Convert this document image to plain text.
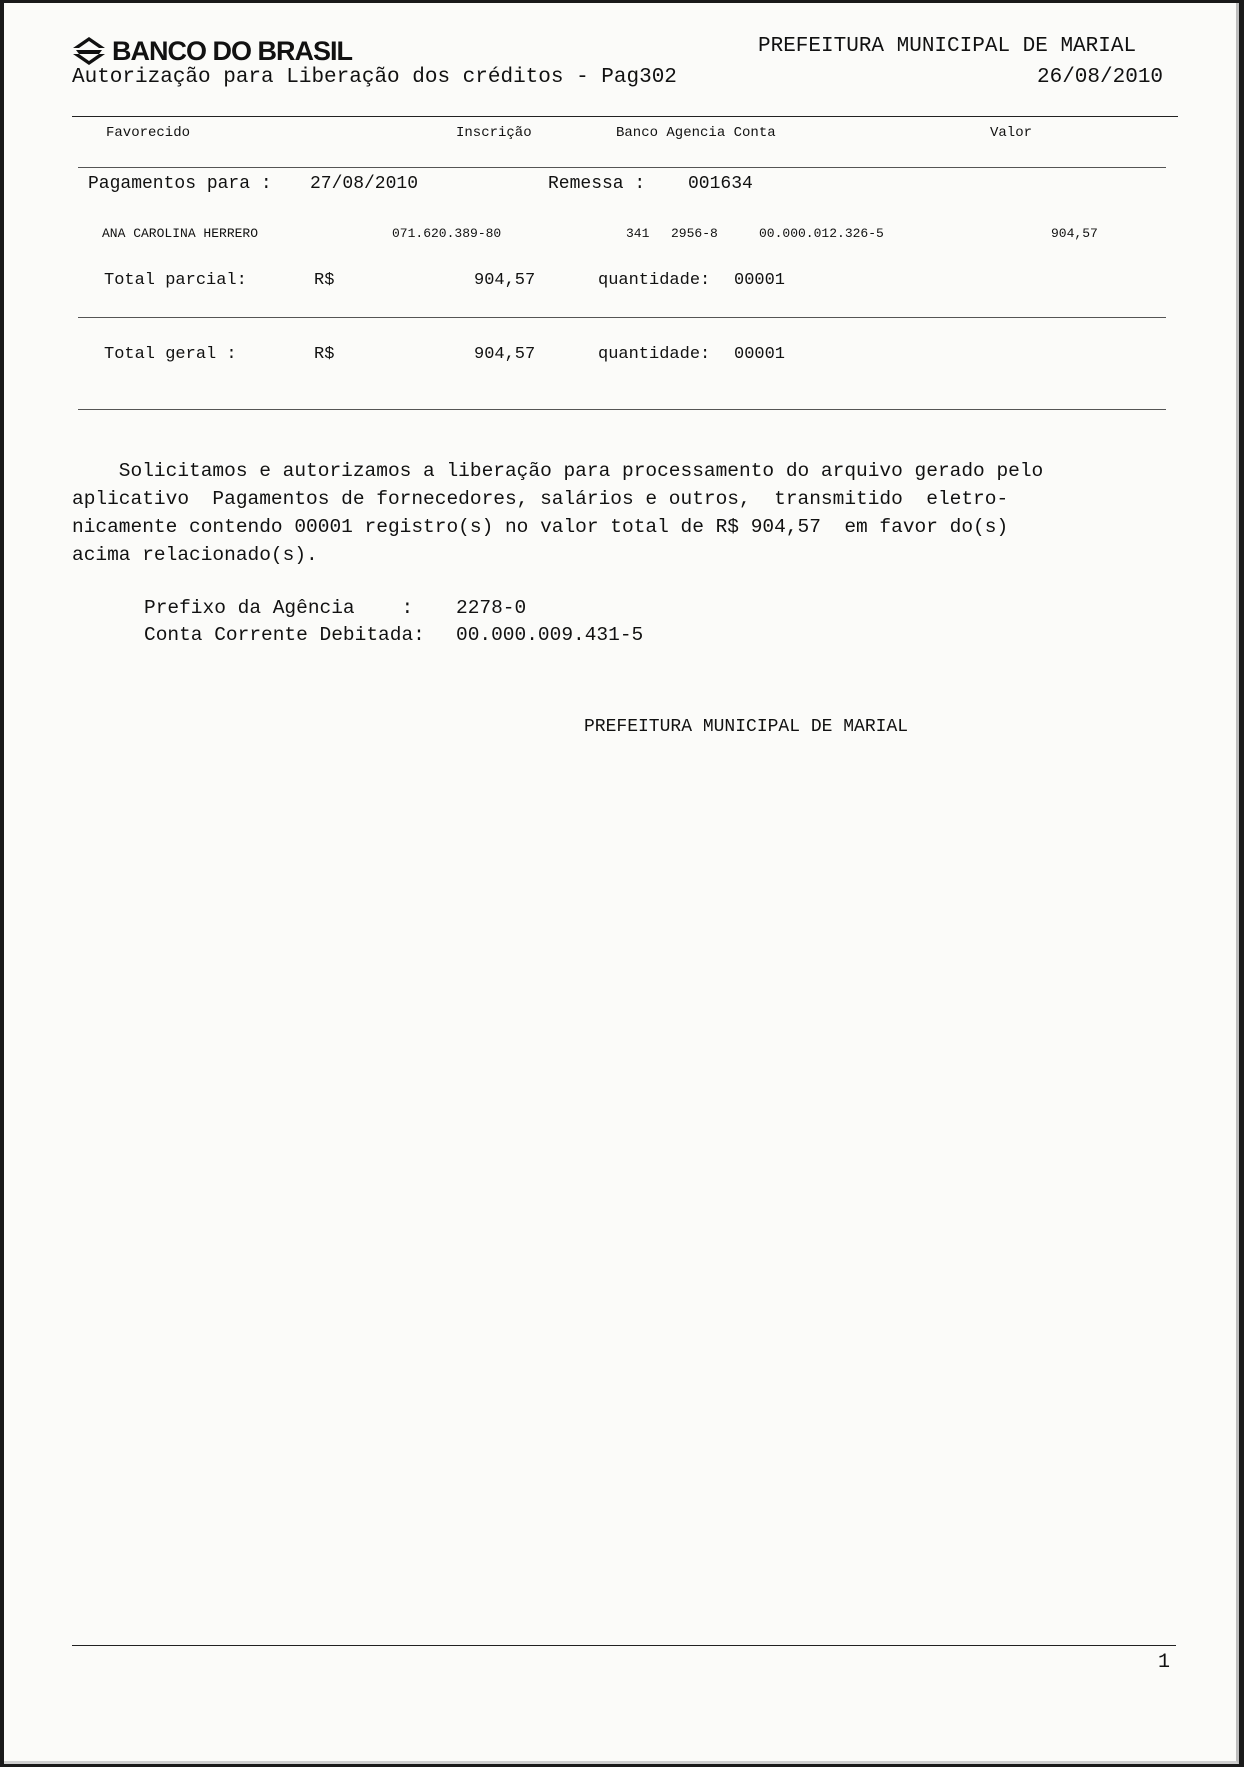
BANCO DO BRASIL	PREFEITURA MUNICIPAL DE MARIAL
Autorização para Liberação dos créditos - Pag302	26/08/2010
Favorecido	Inscrição	Banco Agencia Conta	Valor
Pagamentos para : 27/08/2010	Remessa : 001634
ANA CAROLINA HERRERO	071.620.389-80	341 2956-8	00.000.012.326-5	904,57
Total parcial:	R$	904,57	quantidade: 00001
Total geral :	R$	904,57	quantidade: 00001
Solicitamos e autorizamos a liberação para processamento do arquivo gerado pelo
aplicativo  Pagamentos de fornecedores, salários e outros,  transmitido  eletro-
nicamente contendo 00001 registro(s) no valor total de R$ 904,57  em favor do(s)
acima relacionado(s).
Prefixo da Agência    : 2278-0
Conta Corrente Debitada: 00.000.009.431-5
PREFEITURA MUNICIPAL DE MARIAL
1
